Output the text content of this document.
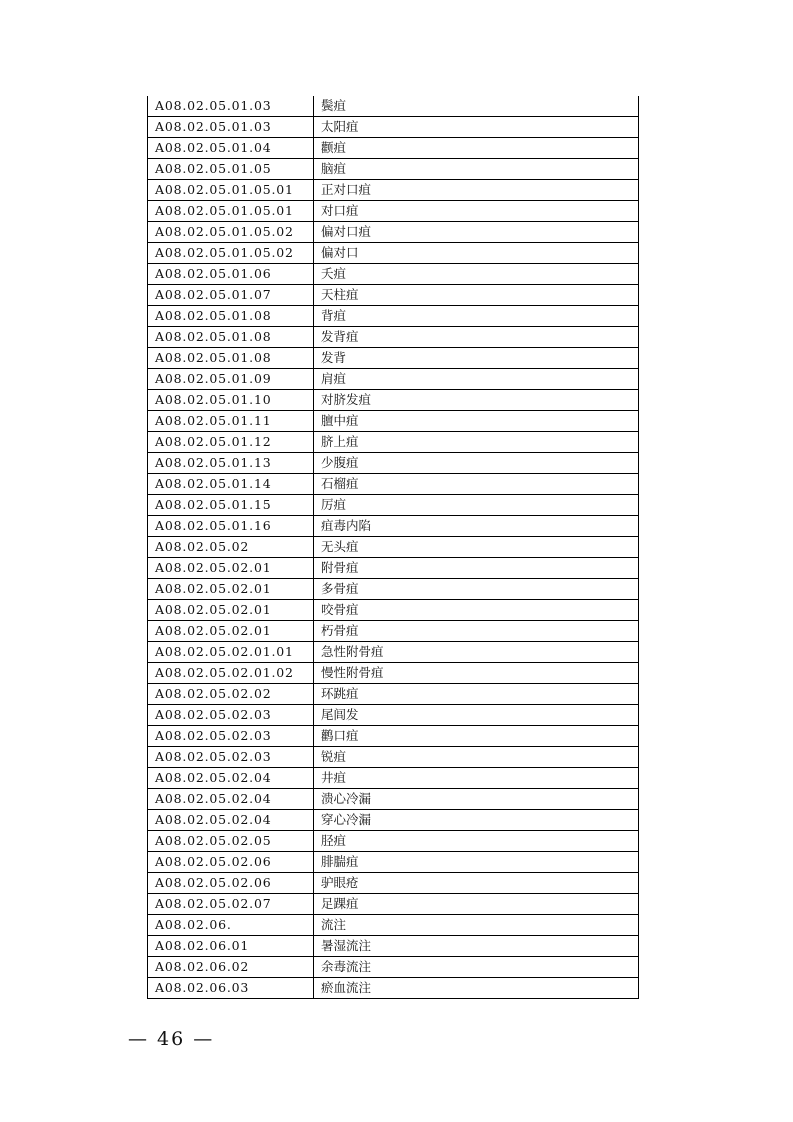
A08.02.05.01.03	鬓疽
A08.02.05.01.03	太阳疽
A08.02.05.01.04	颧疽
A08.02.05.01.05	脑疽
A08.02.05.01.05.01	正对口疽
A08.02.05.01.05.01	对口疽
A08.02.05.01.05.02	偏对口疽
A08.02.05.01.05.02	偏对口
A08.02.05.01.06	夭疽
A08.02.05.01.07	天柱疽
A08.02.05.01.08	背疽
A08.02.05.01.08	发背疽
A08.02.05.01.08	发背
A08.02.05.01.09	肩疽
A08.02.05.01.10	对脐发疽
A08.02.05.01.11	膻中疽
A08.02.05.01.12	脐上疽
A08.02.05.01.13	少腹疽
A08.02.05.01.14	石榴疽
A08.02.05.01.15	厉疽
A08.02.05.01.16	疽毒内陷
A08.02.05.02	无头疽
A08.02.05.02.01	附骨疽
A08.02.05.02.01	多骨疽
A08.02.05.02.01	咬骨疽
A08.02.05.02.01	朽骨疽
A08.02.05.02.01.01	急性附骨疽
A08.02.05.02.01.02	慢性附骨疽
A08.02.05.02.02	环跳疽
A08.02.05.02.03	尾闾发
A08.02.05.02.03	鹳口疽
A08.02.05.02.03	锐疽
A08.02.05.02.04	井疽
A08.02.05.02.04	溃心冷漏
A08.02.05.02.04	穿心冷漏
A08.02.05.02.05	胫疽
A08.02.05.02.06	腓腨疽
A08.02.05.02.06	驴眼疮
A08.02.05.02.07	足踝疽
A08.02.06.	流注
A08.02.06.01	暑湿流注
A08.02.06.02	余毒流注
A08.02.06.03	瘀血流注
— 46 —
